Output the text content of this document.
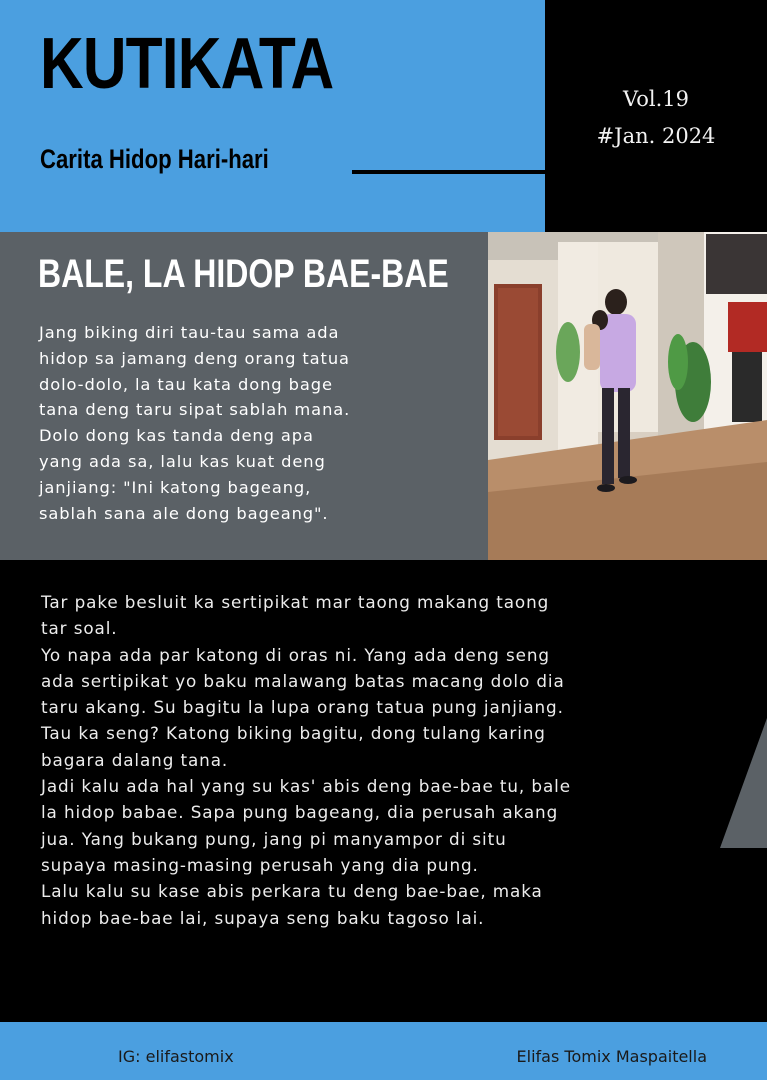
KUTIKATA
Carita Hidop Hari-hari
Vol.19
#Jan. 2024
BALE, LA HIDOP BAE-BAE
Jang biking diri tau-tau sama ada
hidop sa jamang deng orang tatua
dolo-dolo, la tau kata dong bage
tana deng taru sipat sablah mana.
Dolo dong kas tanda deng apa
yang ada sa, lalu kas kuat deng
janjiang: "Ini katong bageang,
sablah sana ale dong bageang".
Tar pake besluit ka sertipikat mar taong makang taong
tar soal.
Yo napa ada par katong di oras ni. Yang ada deng seng
ada sertipikat yo baku malawang batas macang dolo dia
taru akang. Su bagitu la lupa orang tatua pung janjiang.
Tau ka seng? Katong biking bagitu, dong tulang karing
bagara dalang tana.
Jadi kalu ada hal yang su kas' abis deng bae-bae tu, bale
la hidop babae. Sapa pung bageang, dia perusah akang
jua. Yang bukang pung, jang pi manyampor di situ
supaya masing-masing perusah yang dia pung.
Lalu kalu su kase abis perkara tu deng bae-bae, maka
hidop bae-bae lai, supaya seng baku tagoso lai.
IG: elifastomix	Elifas Tomix Maspaitella
